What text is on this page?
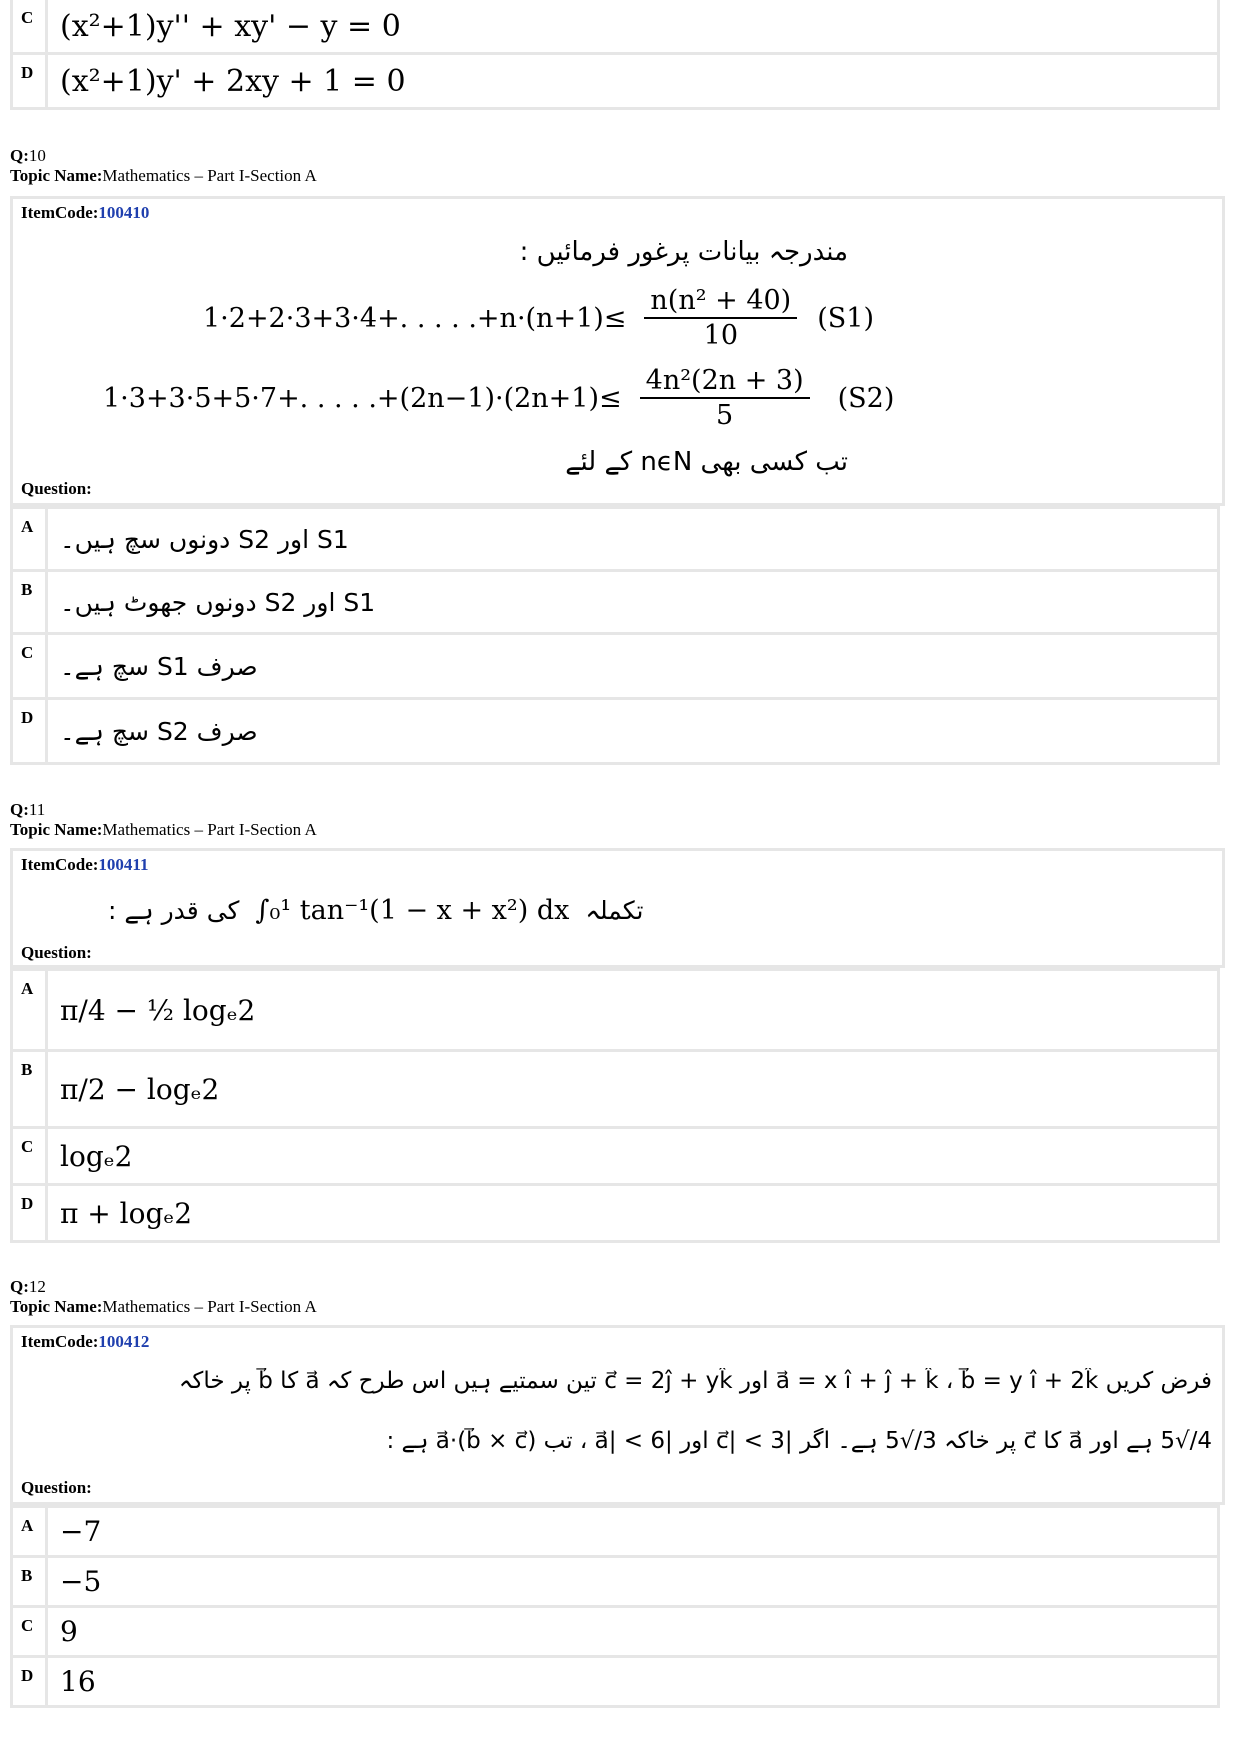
C (x²+1)y'' + xy' − y = 0
D (x²+1)y' + 2xy + 1 = 0
Q:10
Topic Name:Mathematics – Part I-Section A
ItemCode:100410
مندرجہ بیانات پرغور فرمائیں :
1·2+2·3+3·4+. . . . $.+n\cdot(n+1)\le \frac{\text{n(n² + 40)}}{10} (S1)$
1·3+3·5+5·7+. . . . $.+(2n-1)\cdot(2n+1)\le \frac{\text{4n²(2n + 3)}}{5} (S2)$
تب کسی بھی nϵN کے لئے
Question:
A	S1 اور S2 دونوں سچ ہیں۔
B	S1 اور S2 دونوں جھوٹ ہیں۔
C	صرف S1 سچ ہے۔
D	صرف S2 سچ ہے۔
Q:11
Topic Name:Mathematics – Part I-Section A
ItemCode:100411
کی قدر ہے : ∫₀¹ tan⁻¹(1 − x + x²) dx تکملہ
Question:
A
π/4 − ½ logₑ2
B
π/2 − logₑ2
C logₑ2
D π + logₑ2
Q:12
Topic Name:Mathematics – Part I-Section A
ItemCode:100412
فرض کریں a⃗ = x î + ĵ + k̂ ، b⃗ = y î + 2k̂ اور c⃗ = 2ĵ + yk̂ تین سمتیے ہیں اس طرح کہ a⃗ کا b⃗ پر خاکہ
4/√5 ہے اور a⃗ کا c⃗ پر خاکہ 3/√5 ہے۔ اگر |c⃗| < 3 اور |a⃗| < 6 ، تب a⃗·(b⃗ × c⃗) ہے :
Question:
A −7
B −5
C 9
D 16
